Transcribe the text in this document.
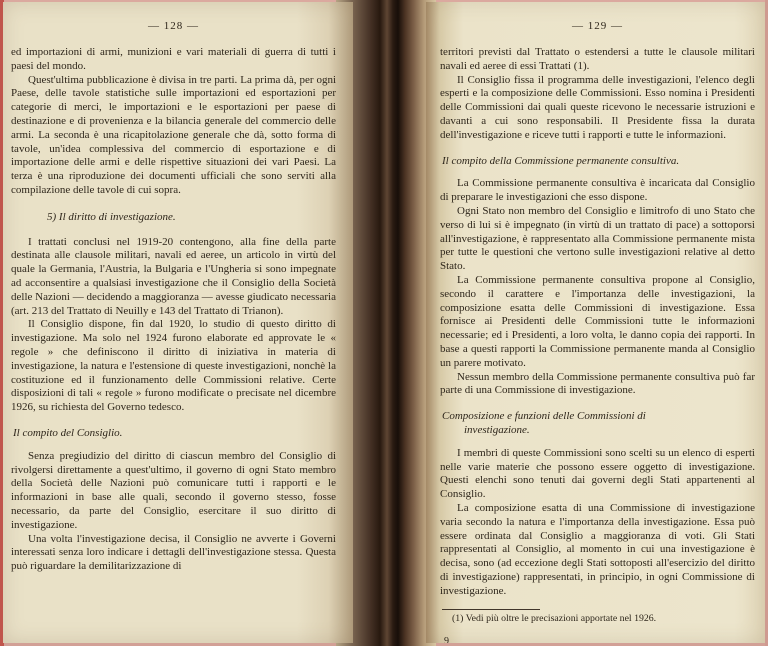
— 128 —

ed importazioni di armi, munizioni e vari materiali di guerra di tutti i paesi del mondo.

Quest'ultima pubblicazione è divisa in tre parti. La prima dà, per ogni Paese, delle tavole statistiche sulle importazioni ed esportazioni per categorie di merci, le importazioni e le esportazioni per paese di destinazione e di provenienza e la bilancia generale del commercio delle armi. La seconda è una ricapitolazione generale che dà, sotto forma di tavole, un'idea complessiva del commercio di esportazione e di importazione delle armi e delle rispettive situazioni dei vari Paesi. La terza è una riproduzione dei documenti ufficiali che sono serviti alla compilazione delle tavole di cui sopra.

5) Il diritto di investigazione.

I trattati conclusi nel 1919-20 contengono, alla fine della parte destinata alle clausole militari, navali ed aeree, un articolo in virtù del quale la Germania, l'Austria, la Bulgaria e l'Ungheria si sono impegnate ad acconsentire a qualsiasi investigazione che il Consiglio della Società delle Nazioni — decidendo a maggioranza — avesse giudicato necessaria (art. 213 del Trattato di Neuilly e 143 del Trattato di Trianon).

Il Consiglio dispone, fin dal 1920, lo studio di questo diritto di investigazione. Ma solo nel 1924 furono elaborate ed approvate le « regole » che definiscono il diritto di iniziativa in materia di investigazione, la natura e l'estensione di queste investigazioni, nonchè la costituzione ed il funzionamento delle Commissioni relative. Certe disposizioni di tali « regole » furono modificate o precisate nel dicembre 1926, su richiesta del Governo tedesco.

Il compito del Consiglio.

Senza pregiudizio del diritto di ciascun membro del Consiglio di rivolgersi direttamente a quest'ultimo, il governo di ogni Stato membro della Società delle Nazioni può comunicare tutti i rapporti e le informazioni in base alle quali, secondo il governo stesso, fosse necessario, da parte del Consiglio, esercitare il suo diritto di investigazione.

Una volta l'investigazione decisa, il Consiglio ne avverte i Governi interessati senza loro indicare i dettagli dell'investigazione stessa. Questa può riguardare la demilitarizzazione di

— 129 —

territori previsti dal Trattato o estendersi a tutte le clausole militari navali ed aeree di essi Trattati (1).

Il Consiglio fissa il programma delle investigazioni, l'elenco degli esperti e la composizione delle Commissioni. Esso nomina i Presidenti delle Commissioni dai quali queste ricevono le necessarie istruzioni e davanti a cui sono responsabili. Il Presidente fissa la durata dell'investigazione e riceve tutti i rapporti e tutte le informazioni.

Il compito della Commissione permanente consultiva.

La Commissione permanente consultiva è incaricata dal Consiglio di preparare le investigazioni che esso dispone.

Ogni Stato non membro del Consiglio e limitrofo di uno Stato che verso di lui si è impegnato (in virtù di un trattato di pace) a sottoporsi all'investigazione, è rappresentato alla Commissione permanente mista per tutte le questioni che vertono sulle investigazioni relative al detto Stato.

La Commissione permanente consultiva propone al Consiglio, secondo il carattere e l'importanza delle investigazioni, la composizione esatta delle Commissioni di investigazione. Essa fornisce ai Presidenti delle Commissioni tutte le informazioni necessarie; ed i Presidenti, a loro volta, le danno copia dei rapporti. In base a questi rapporti la Commissione permanente manda al Consiglio un parere motivato.

Nessun membro della Commissione permanente consultiva può far parte di una Commissione di investigazione.

Composizione e funzioni delle Commissioni di investigazione.

I membri di queste Commissioni sono scelti su un elenco di esperti nelle varie materie che possono essere oggetto di investigazione. Questi elenchi sono tenuti dai governi degli Stati appartenenti al Consiglio.

La composizione esatta di una Commissione di investigazione varia secondo la natura e l'importanza della investigazione. Essa può essere ordinata dal Consiglio a maggioranza di voti. Gli Stati rappresentati al Consiglio, al momento in cui una investigazione è decisa, sono (ad eccezione degli Stati sottoposti all'esercizio del diritto di investigazione) rappresentati, in principio, in ogni Commissione di investigazione.

(1) Vedi più oltre le precisazioni apportate nel 1926.

9
